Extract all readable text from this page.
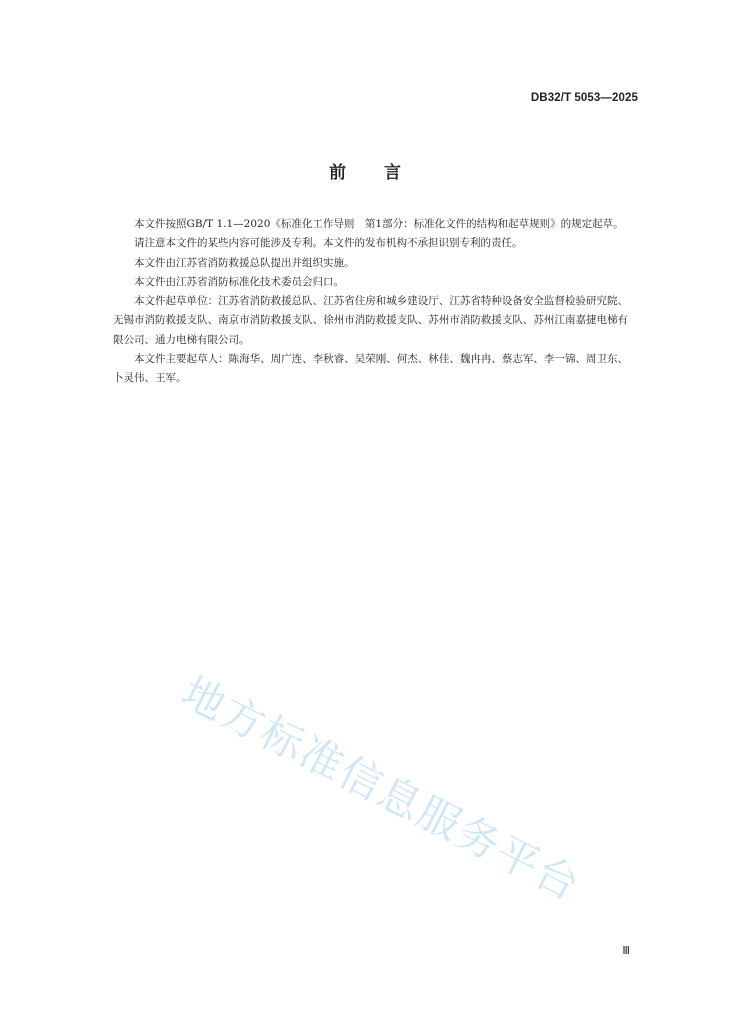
DB32/T 5053—2025
前言

本文件按照GB/T 1.1—2020《标准化工作导则　第1部分：标准化文件的结构和起草规则》的规定起草。

请注意本文件的某些内容可能涉及专利。本文件的发布机构不承担识别专利的责任。

本文件由江苏省消防救援总队提出并组织实施。

本文件由江苏省消防标准化技术委员会归口。

本文件起草单位：江苏省消防救援总队、江苏省住房和城乡建设厅、江苏省特种设备安全监督检验研究院、无锡市消防救援支队、南京市消防救援支队、徐州市消防救援支队、苏州市消防救援支队、苏州江南嘉捷电梯有限公司、通力电梯有限公司。

本文件主要起草人：陈海华、周广连、李秋睿、吴荣刚、何杰、林佳、魏冉冉、蔡志军、李一锦、周卫东、卜灵伟、王军。

地方标准信息服务平台
Ⅲ
